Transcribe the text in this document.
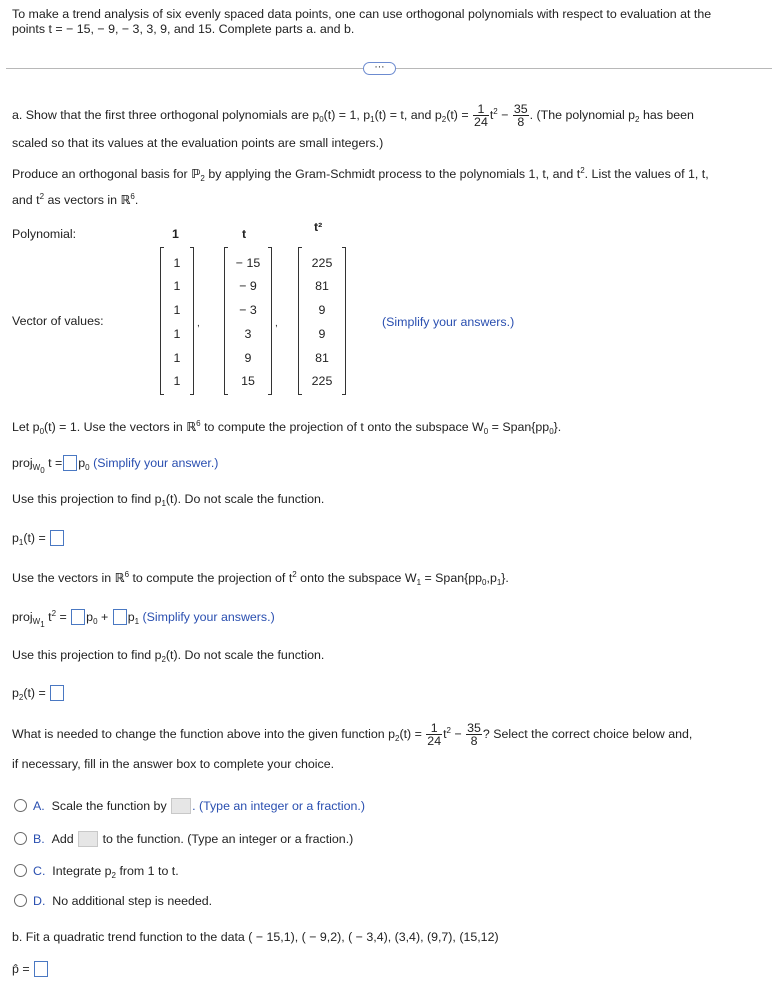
To make a trend analysis of six evenly spaced data points, one can use orthogonal polynomials with respect to evaluation at the
points t = − 15, − 9, − 3, 3, 9, and 15. Complete parts a. and b.
⋯
a. Show that the first three orthogonal polynomials are $p_0(t) = 1$, $p_1(t) = t$, and $p_2(t) = \frac{1}{24} t^2 - \frac{35}{8}$ . (The polynomial $p_2$ has been
scaled so that its values at the evaluation points are small integers.)
Produce an orthogonal basis for ℙ$_2$ by applying the Gram-Schmidt process to the polynomials 1, t, and $t^2$. List the values of 1, t,
and $t^2$ as vectors in ℝ$^6$.
Polynomial:	1	t	t²
Vector of values:
1
1
1
1
1
1
,
− 15
− 9
− 3
3
9
15
,
225
81
9
9
81
225
(Simplify your answers.)
Let $p_0(t) = 1$. Use the vectors in ℝ$^6$ to compute the projection of t onto the subspace $W_0$ = $Span\{pp_0\}$.
proj$_{W_0}$ $t = p_0$ (Simplify your answer.)
Use this projection to find $p_1(t)$. Do not scale the function.
$p_1(t)$ =
Use the vectors in ℝ$^6$ to compute the projection of $t^2$ onto the subspace $W_1$ = $Span\{pp_0,p_1\}$.
proj$_{W_1}$ $t^2 = p_0 + p_1$ (Simplify your answers.)
Use this projection to find $p_2(t)$. Do not scale the function.
$p_2(t)$ =
What is needed to change the function above into the given function $p_2(t) = \frac{1}{24} t^2 - \frac{35}{8}$ ? Select the correct choice below and,
if necessary, fill in the answer box to complete your choice.
A. Scale the function by . (Type an integer or a fraction.)
B. Add to the function. (Type an integer or a fraction.)
C. Integrate $p_2$ from 1 to t.
D. No additional step is needed.
b. Fit a quadratic trend function to the data ( − 15,1), ( − 9,2), ( − 3,4), (3,4), (9,7), (15,12)
p̂ =
